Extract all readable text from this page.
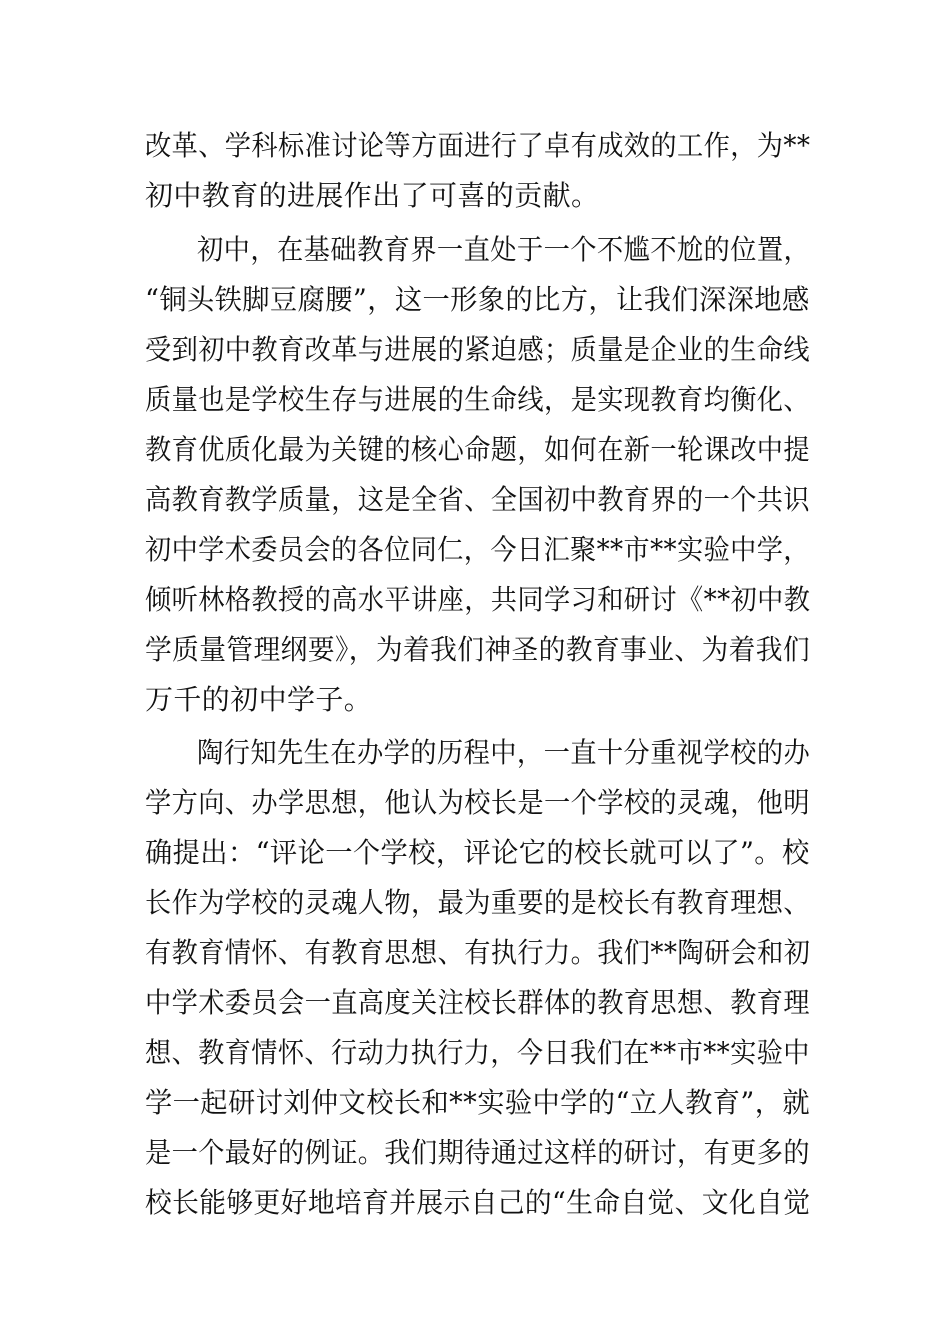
改革、学科标准讨论等方面进行了卓有成效的工作，为**
初中教育的进展作出了可喜的贡献。
初中，在基础教育界一直处于一个不尴不尬的位置，
“铜头铁脚豆腐腰”，这一形象的比方，让我们深深地感
受到初中教育改革与进展的紧迫感；质量是企业的生命线
质量也是学校生存与进展的生命线，是实现教育均衡化、
教育优质化最为关键的核心命题，如何在新一轮课改中提
高教育教学质量，这是全省、全国初中教育界的一个共识
初中学术委员会的各位同仁，今日汇聚**市**实验中学，
倾听林格教授的高水平讲座，共同学习和研讨《**初中教
学质量管理纲要》，为着我们神圣的教育事业、为着我们
万千的初中学子。
陶行知先生在办学的历程中，一直十分重视学校的办
学方向、办学思想，他认为校长是一个学校的灵魂，他明
确提出：“评论一个学校，评论它的校长就可以了”。校
长作为学校的灵魂人物，最为重要的是校长有教育理想、
有教育情怀、有教育思想、有执行力。我们**陶研会和初
中学术委员会一直高度关注校长群体的教育思想、教育理
想、教育情怀、行动力执行力，今日我们在**市**实验中
学一起研讨刘仲文校长和**实验中学的“立人教育”，就
是一个最好的例证。我们期待通过这样的研讨，有更多的
校长能够更好地培育并展示自己的“生命自觉、文化自觉
